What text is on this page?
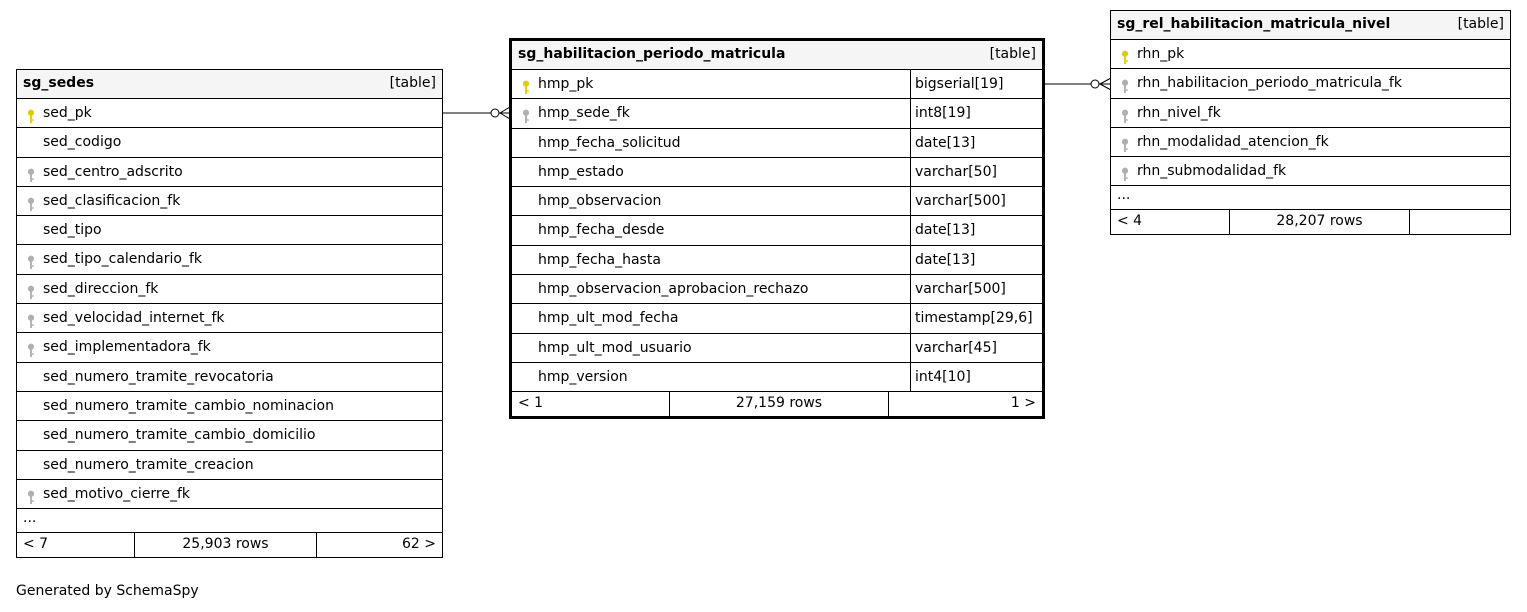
sg_sedes	[table]
sed_pk
sed_codigo
sed_centro_adscrito
sed_clasificacion_fk
sed_tipo
sed_tipo_calendario_fk
sed_direccion_fk
sed_velocidad_internet_fk
sed_implementadora_fk
sed_numero_tramite_revocatoria
sed_numero_tramite_cambio_nominacion
sed_numero_tramite_cambio_domicilio
sed_numero_tramite_creacion
sed_motivo_cierre_fk
...
< 7	25,903 rows	62 >
sg_habilitacion_periodo_matricula	[table]
hmp_pk	bigserial[19]
hmp_sede_fk	int8[19]
hmp_fecha_solicitud	date[13]
hmp_estado	varchar[50]
hmp_observacion	varchar[500]
hmp_fecha_desde	date[13]
hmp_fecha_hasta	date[13]
hmp_observacion_aprobacion_rechazo	varchar[500]
hmp_ult_mod_fecha	timestamp[29,6]
hmp_ult_mod_usuario	varchar[45]
hmp_version	int4[10]
< 1	27,159 rows	1 >
sg_rel_habilitacion_matricula_nivel	[table]
rhn_pk
rhn_habilitacion_periodo_matricula_fk
rhn_nivel_fk
rhn_modalidad_atencion_fk
rhn_submodalidad_fk
...
< 4	28,207 rows
Generated by SchemaSpy
